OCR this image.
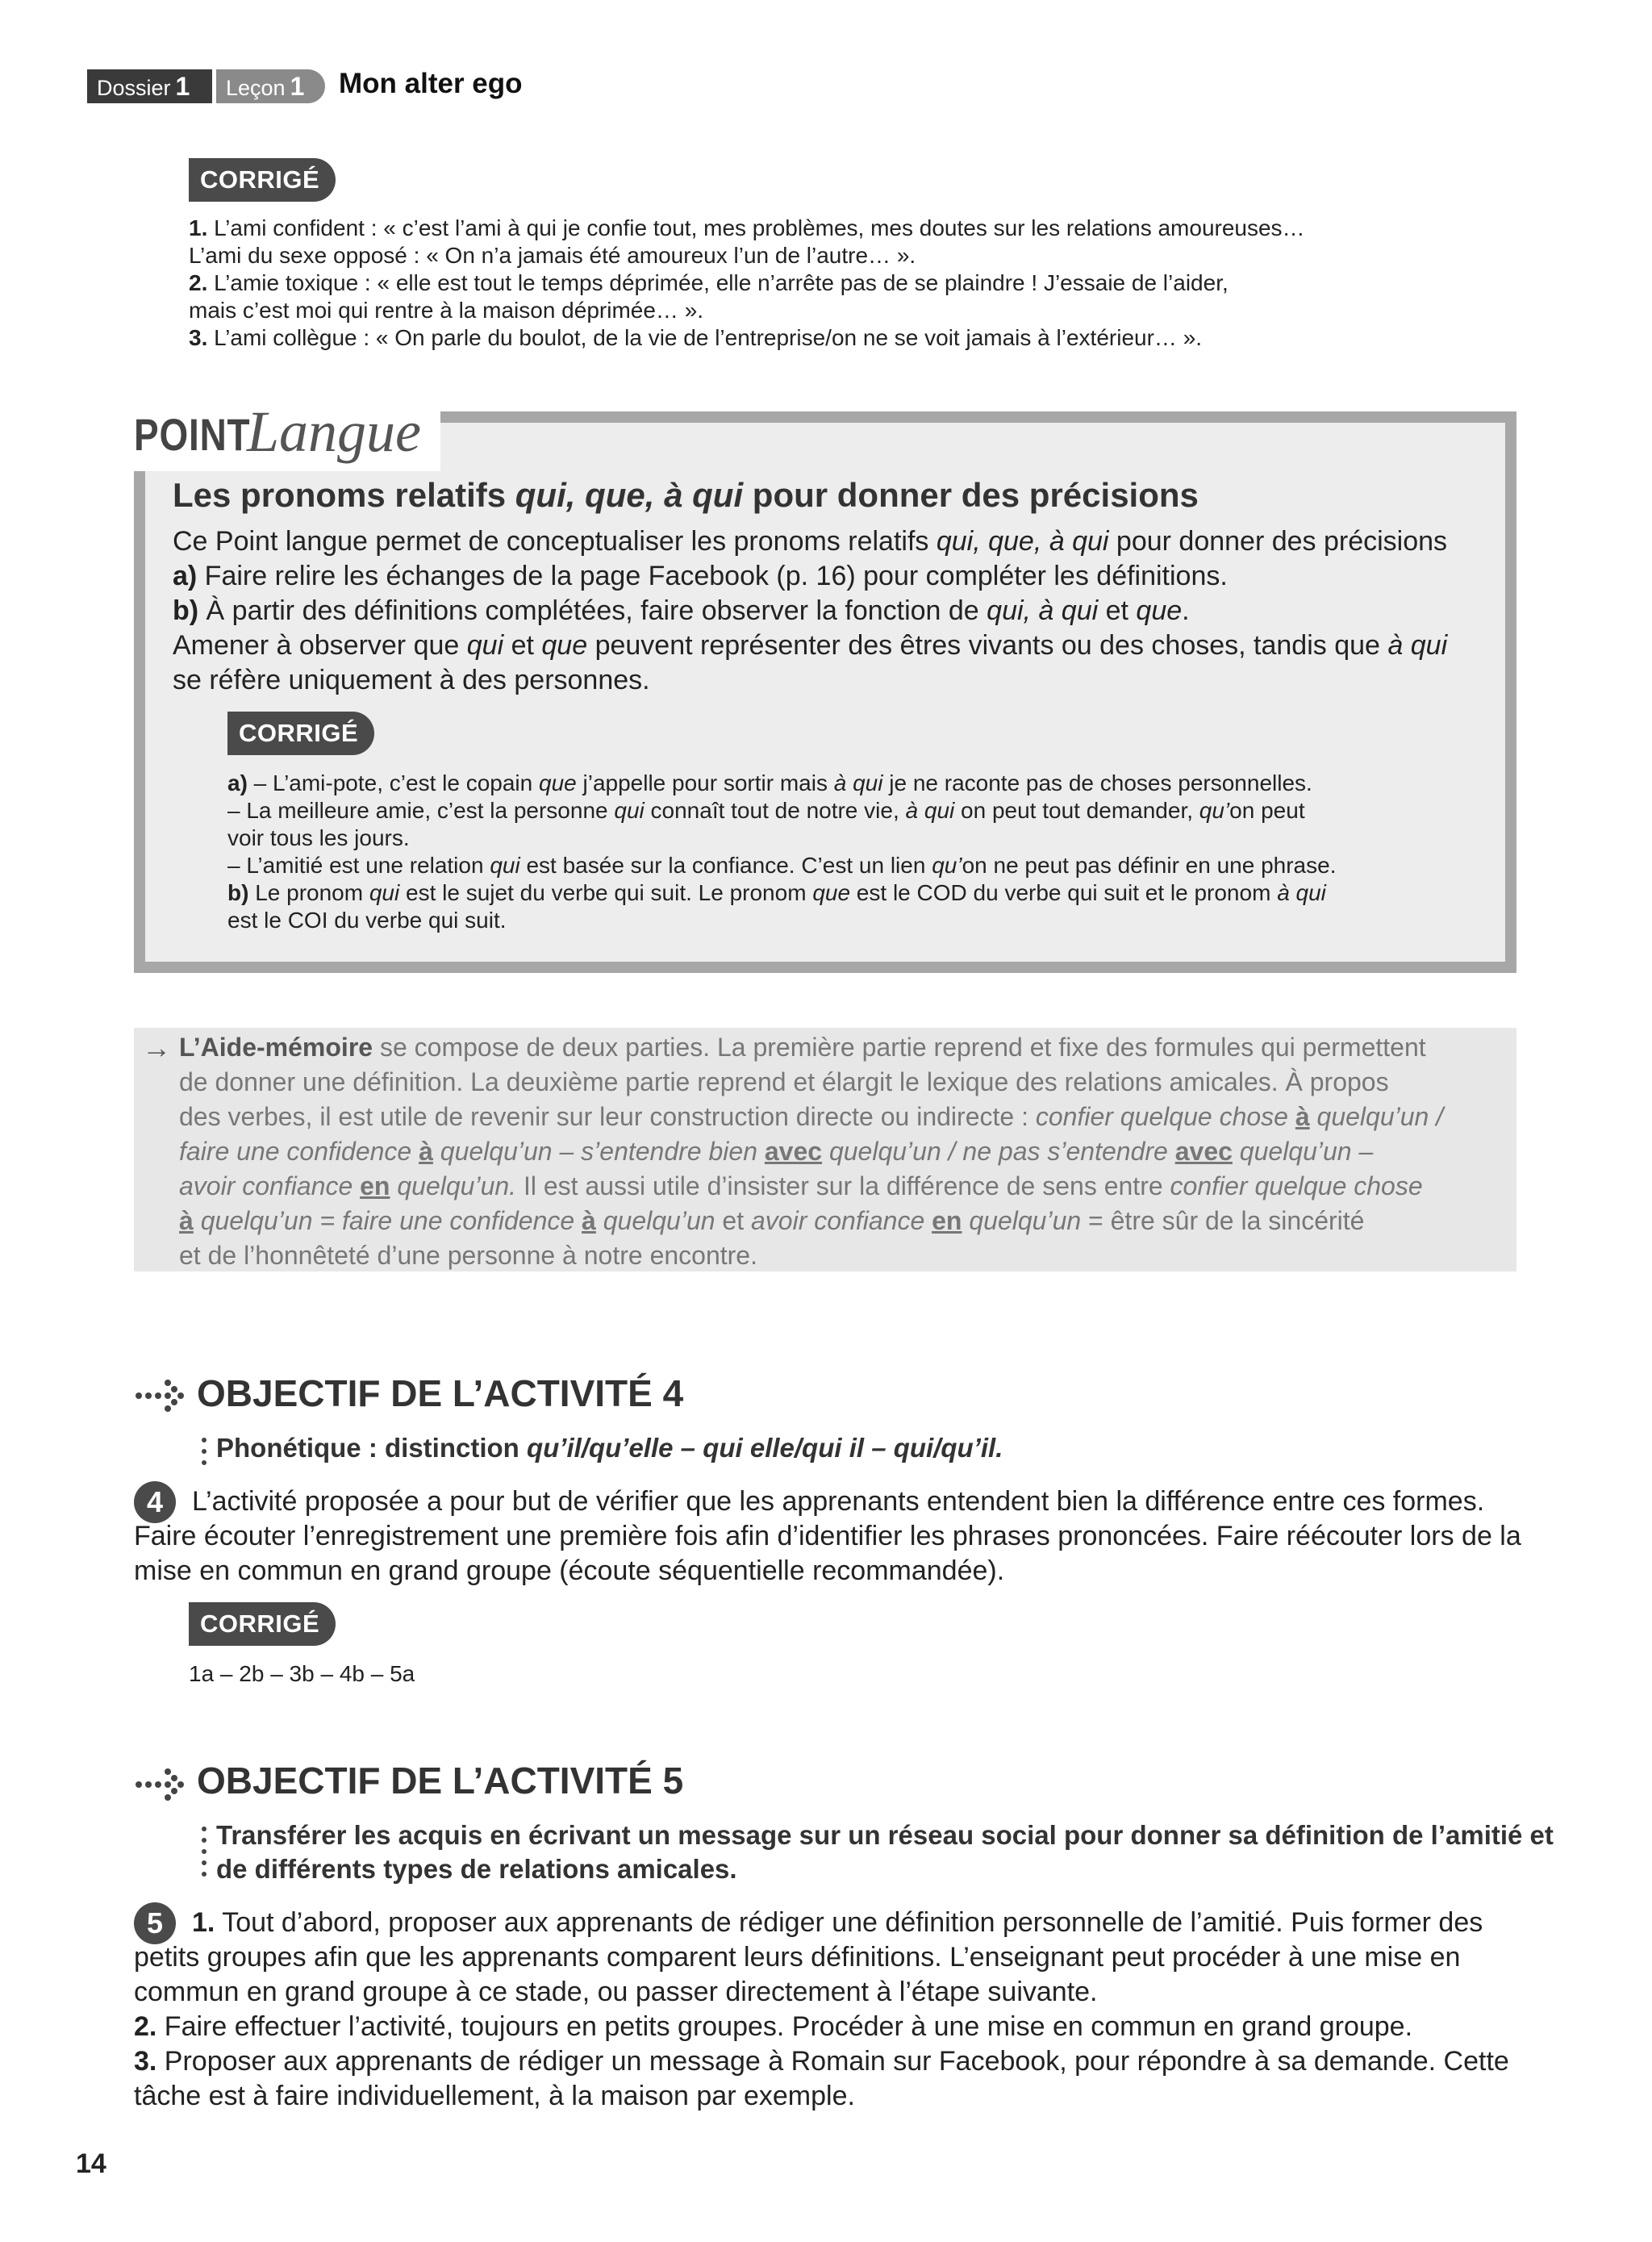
Dossier 1	Leçon 1	Mon alter ego
CORRIGÉ
1. L’ami confident : « c’est l’ami à qui je confie tout, mes problèmes, mes doutes sur les relations amoureuses…
L’ami du sexe opposé : « On n’a jamais été amoureux l’un de l’autre… ».
2. L’amie toxique : « elle est tout le temps déprimée, elle n’arrête pas de se plaindre ! J’essaie de l’aider,
mais c’est moi qui rentre à la maison déprimée… ».
3. L’ami collègue : « On parle du boulot, de la vie de l’entreprise/on ne se voit jamais à l’extérieur… ».
POINT
Langue
Les pronoms relatifs qui, que, à qui pour donner des précisions
Ce Point langue permet de conceptualiser les pronoms relatifs qui, que, à qui pour donner des précisions
a) Faire relire les échanges de la page Facebook (p. 16) pour compléter les définitions.
b) À partir des définitions complétées, faire observer la fonction de qui, à qui et que.
Amener à observer que qui et que peuvent représenter des êtres vivants ou des choses, tandis que à qui
se réfère uniquement à des personnes.
CORRIGÉ
a) – L’ami-pote, c’est le copain que j’appelle pour sortir mais à qui je ne raconte pas de choses personnelles.
– La meilleure amie, c’est la personne qui connaît tout de notre vie, à qui on peut tout demander, qu’on peut
voir tous les jours.
– L’amitié est une relation qui est basée sur la confiance. C’est un lien qu’on ne peut pas définir en une phrase.
b) Le pronom qui est le sujet du verbe qui suit. Le pronom que est le COD du verbe qui suit et le pronom à qui
est le COI du verbe qui suit.
→ L’Aide-mémoire se compose de deux parties. La première partie reprend et fixe des formules qui permettent
de donner une définition. La deuxième partie reprend et élargit le lexique des relations amicales. À propos
des verbes, il est utile de revenir sur leur construction directe ou indirecte : confier quelque chose à quelqu’un /
faire une confidence à quelqu’un – s’entendre bien avec quelqu’un / ne pas s’entendre avec quelqu’un –
avoir confiance en quelqu’un. Il est aussi utile d’insister sur la différence de sens entre confier quelque chose
à quelqu’un = faire une confidence à quelqu’un et avoir confiance en quelqu’un = être sûr de la sincérité
et de l’honnêteté d’une personne à notre encontre.
OBJECTIF DE L’ACTIVITÉ 4
Phonétique : distinction qu’il/qu’elle – qui elle/qui il – qui/qu’il.
4	L’activité proposée a pour but de vérifier que les apprenants entendent bien la différence entre ces formes.
Faire écouter l’enregistrement une première fois afin d’identifier les phrases prononcées. Faire réécouter lors de la
mise en commun en grand groupe (écoute séquentielle recommandée).
CORRIGÉ
1a – 2b – 3b – 4b – 5a
OBJECTIF DE L’ACTIVITÉ 5
Transférer les acquis en écrivant un message sur un réseau social pour donner sa définition de l’amitié et
de différents types de relations amicales.
5	1. Tout d’abord, proposer aux apprenants de rédiger une définition personnelle de l’amitié. Puis former des
petits groupes afin que les apprenants comparent leurs définitions. L’enseignant peut procéder à une mise en
commun en grand groupe à ce stade, ou passer directement à l’étape suivante.
2. Faire effectuer l’activité, toujours en petits groupes. Procéder à une mise en commun en grand groupe.
3. Proposer aux apprenants de rédiger un message à Romain sur Facebook, pour répondre à sa demande. Cette
tâche est à faire individuellement, à la maison par exemple.
14
